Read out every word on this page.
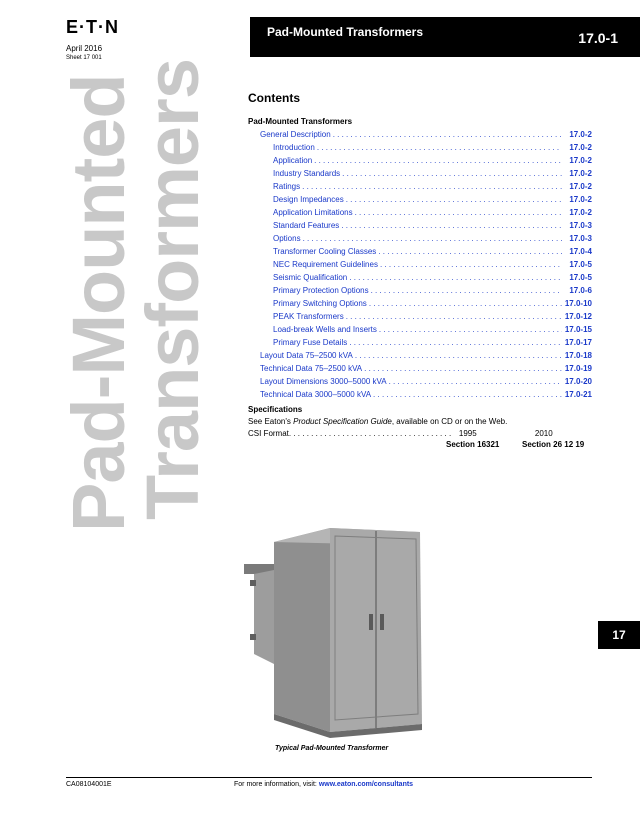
E·T·N
April 2016
Sheet 17 001
Pad-Mounted Transformers	17.0-1
Pad-Mounted
Transformers	Contents
Pad-Mounted Transformers
General Description . . .	17.0-2
Introduction . . .	17.0-2
Application . . .	17.0-2
Industry Standards . . .	17.0-2
Ratings . . .	17.0-2
Design Impedances . . .	17.0-2
Application Limitations . . .	17.0-2
Standard Features . . .	17.0-3
Options . . .	17.0-3
Transformer Cooling Classes . . .	17.0-4
NEC Requirement Guidelines . . .	17.0-5
Seismic Qualification . . .	17.0-5
Primary Protection Options . . .	17.0-6
Primary Switching Options . . .	17.0-10
PEAK Transformers . . .	17.0-12
Load-break Wells and Inserts . . .	17.0-15
Primary Fuse Details . . .	17.0-17
Layout Data 75–2500 kVA . . .	17.0-18
Technical Data 75–2500 kVA . . .	17.0-19
Layout Dimensions 3000–5000 kVA . . .	17.0-20
Technical Data 3000–5000 kVA . . .	17.0-21
Specifications
See Eaton's Product Specification Guide, available on CD or on the Web.
CSI Format . . .	1995	2010
Section 16321	Section 26 12 19
Typical Pad-Mounted Transformer
17
CA08104001E	For more information, visit: www.eaton.com/consultants
